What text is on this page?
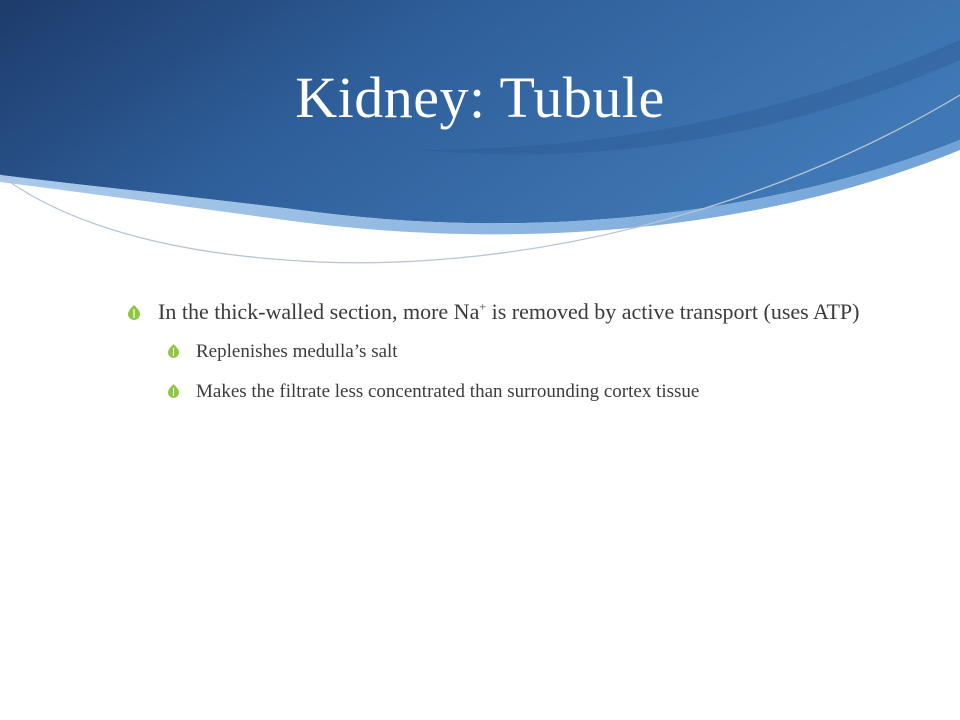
Kidney: Tubule
In the thick-walled section, more Na+ is removed by active transport (uses ATP)
Replenishes medulla’s salt
Makes the filtrate less concentrated than surrounding cortex tissue
